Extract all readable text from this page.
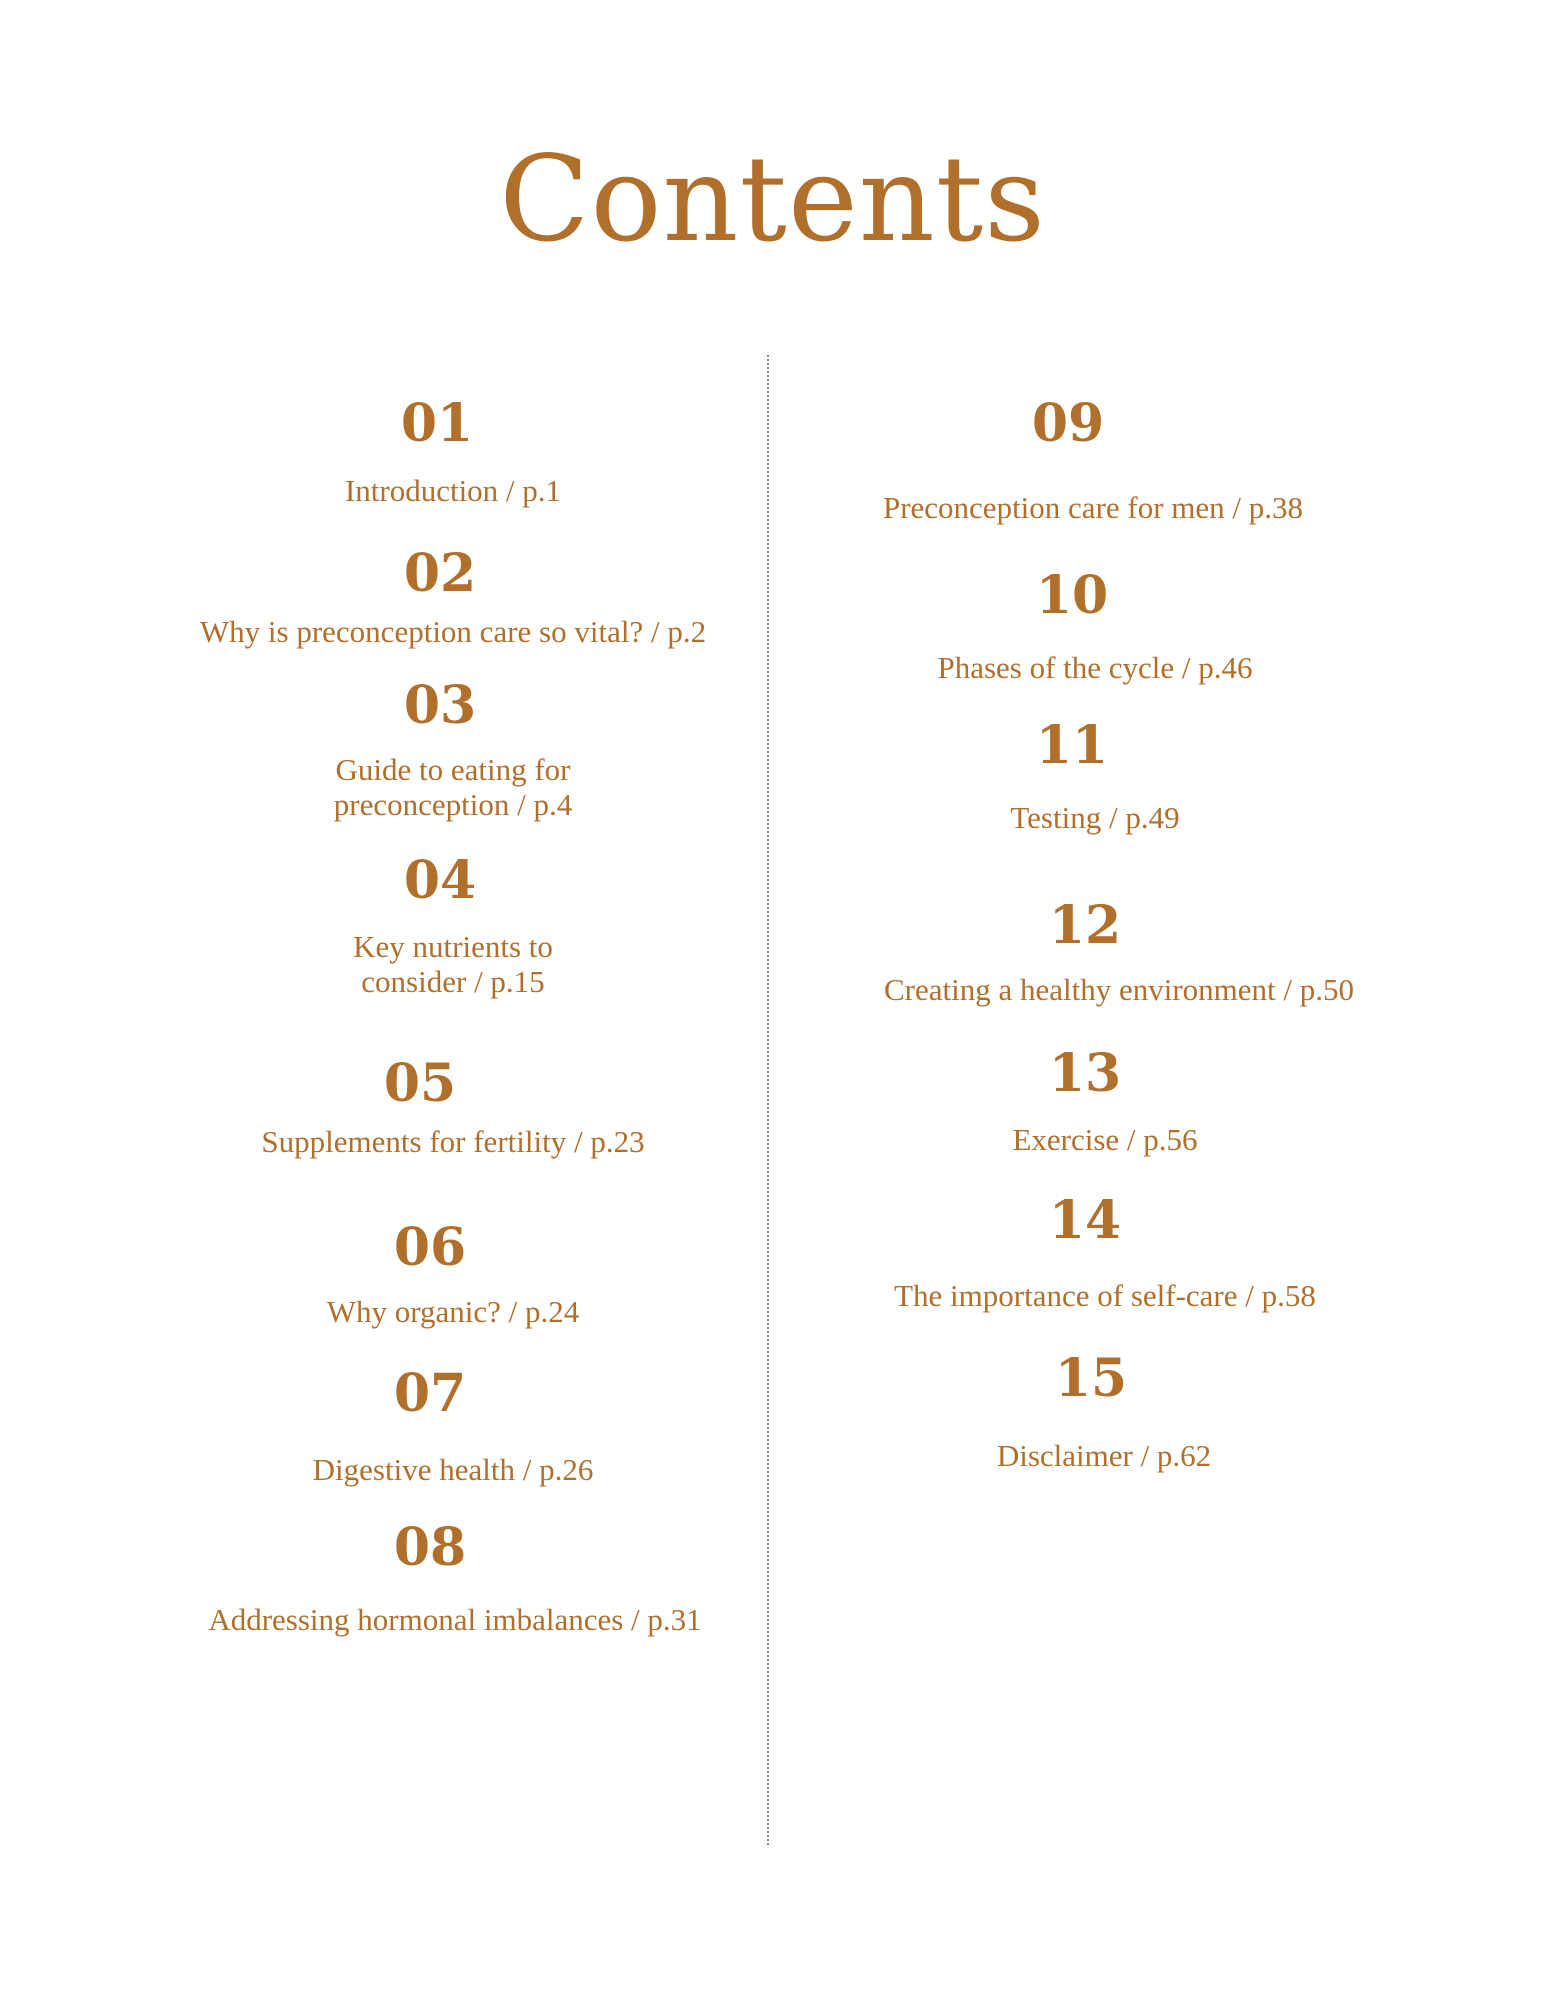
Contents
01
Introduction / p.1
02
Why is preconception care so vital? / p.2
03
Guide to eating for
preconception / p.4
04
Key nutrients to
consider / p.15
05
Supplements for fertility / p.23
06
Why organic? / p.24
07
Digestive health / p.26
08
Addressing hormonal imbalances / p.31
09
Preconception care for men / p.38
10
Phases of the cycle / p.46
11
Testing / p.49
12
Creating a healthy environment / p.50
13
Exercise / p.56
14
The importance of self-care / p.58
15
Disclaimer / p.62
